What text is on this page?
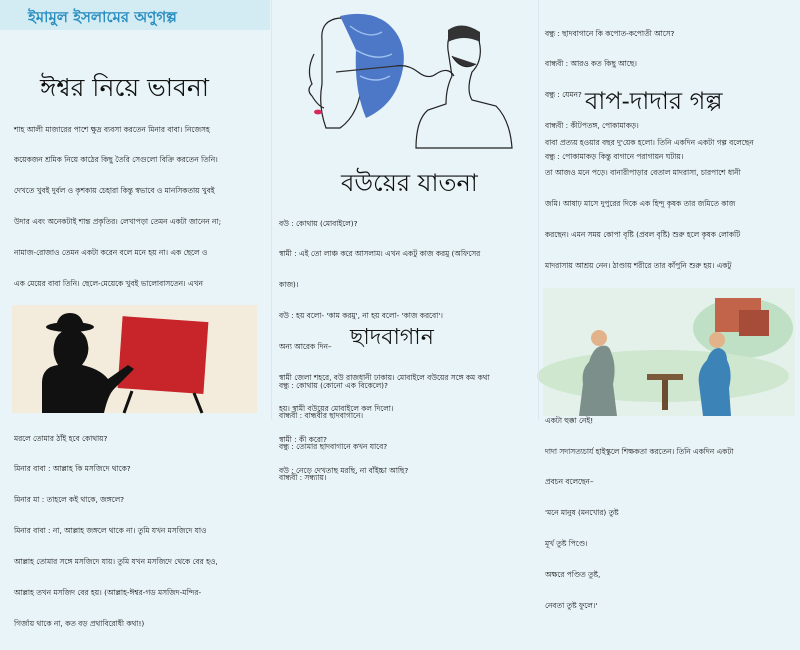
ইমামুল ইসলামের অণুগল্প
ঈশ্বর নিয়ে ভাবনা

শাহ আলী মাজারের পাশে ক্ষুদ্র ব্যবসা করতেন মিনার বাবা। নিজেসহ

কয়েকজন শ্রমিক নিয়ে কাঠের কিছু তৈরি সেগুলো বিক্রি করতেন তিনি।

দেখতে খুবই দুর্বল ও কৃশকায় চেহারা কিন্তু স্বভাবে ও মানসিকতায় খুবই

উদার এবং অনেকটাই শান্ত প্রকৃতির। লেখাপড়া তেমন একটা জানেন না;

নামাজ-রোজাও তেমন একটা করেন বলে মনে হয় না। এক ছেলে ও

এক মেয়ের বাবা তিনি। ছেলে-মেয়েকে খুবই ভালোবাসতেন। এখন

মরলে তোমার ঠাঁই হবে কোথায়?

মিনার বাবা : আল্লাহ কি মসজিদে থাকে?

মিনার মা : তাহলে কই থাকে, জঙ্গলে?

মিনার বাবা : না, আল্লাহ জঙ্গলে থাকে না। তুমি যখন মসজিদে যাও

আল্লাহ তোমার সঙ্গে মসজিদে যায়। তুমি যখন মসজিদে থেকে বের হও,

আল্লাহ তখন মসজিদ বের হয়। (আল্লাহ-ঈশ্বর-গড মসজিদ-মন্দির-

গির্জায় থাকে না, কত বড় প্রথাবিরোধী কথা!)

বউয়ের যাতনা

বউ : কোথায় (মোবাইলে)?

স্বামী : এই তো লাঞ্চ করে আসলাম। এখন একটু কাজ করমু (অফিসের

কাজ)।

বউ : হয় বলো- 'কাম করমু', না হয় বলো- 'কাজ করবো'।

অন্য আরেক দিন–

স্বামী জেলা শহরে, বউ রাজধানী ঢাকায়। মোবাইলে বউয়ের সঙ্গে কম কথা

হয়। স্বামী বউয়ের মোবাইলে কল দিলো।

স্বামী : কী করো?

বউ : নেড়ে দেখতাছ মরছি, না বাঁইচ্চা আছি?

ছাদবাগান

বন্ধু : কোথায় (কোনো এক বিকেলে)?

বান্ধবী : বান্ধবীর ছাদবাগানে।

বন্ধু : তোমার ছাদবাগানে কখন যাবে?

বান্ধবী : সন্ধ্যায়।

বন্ধু : ছাদবাগানে কি কপোত-কপোতী আসে?

বান্ধবী : আরও কত কিছু আছে।

বন্ধু : যেমন?

বান্ধবী : কীটপতঙ্গ, পোকামাকড়।

বন্ধু : পোকামাকড় কিন্তু বাগানে পরাগায়ন ঘটায়।

বাপ-দাদার গল্প

বাবা প্রত্যয় হওয়ার বছর দু'য়েক হলো। তিনি একদিন একটা গল্প বলেছেন

তা আজও মনে পড়ে। বানারীপাড়ার বেতাল মাদরাসা, চারপাশে ধানী

জমি। আষাঢ় মাসে দুপুরের দিকে এক হিন্দু কৃষক তার জমিতে কাজ

করছেন। এমন সময় কোপা বৃষ্টি (প্রবল বৃষ্টি) শুরু হলে কৃষক লোকটি

মাদরাসায় আশ্রয় নেন। ঠাণ্ডায় শরীরে তার কাঁপুনি শুরু হয়। একটু

একটা হুক্কা নেই!

দাদা সদাসত্যচার্য হাইস্কুলে শিক্ষকতা করতেন। তিনি একদিন একটা

প্রবচন বলেছেন–

'মনে মানুষ (মনখোর) তুষ্ট

মূর্খ তুষ্ট পিণ্ডে।

অক্ষরে পণ্ডিত তুষ্ট,

নেবতা তুষ্ট ফুলে।'
